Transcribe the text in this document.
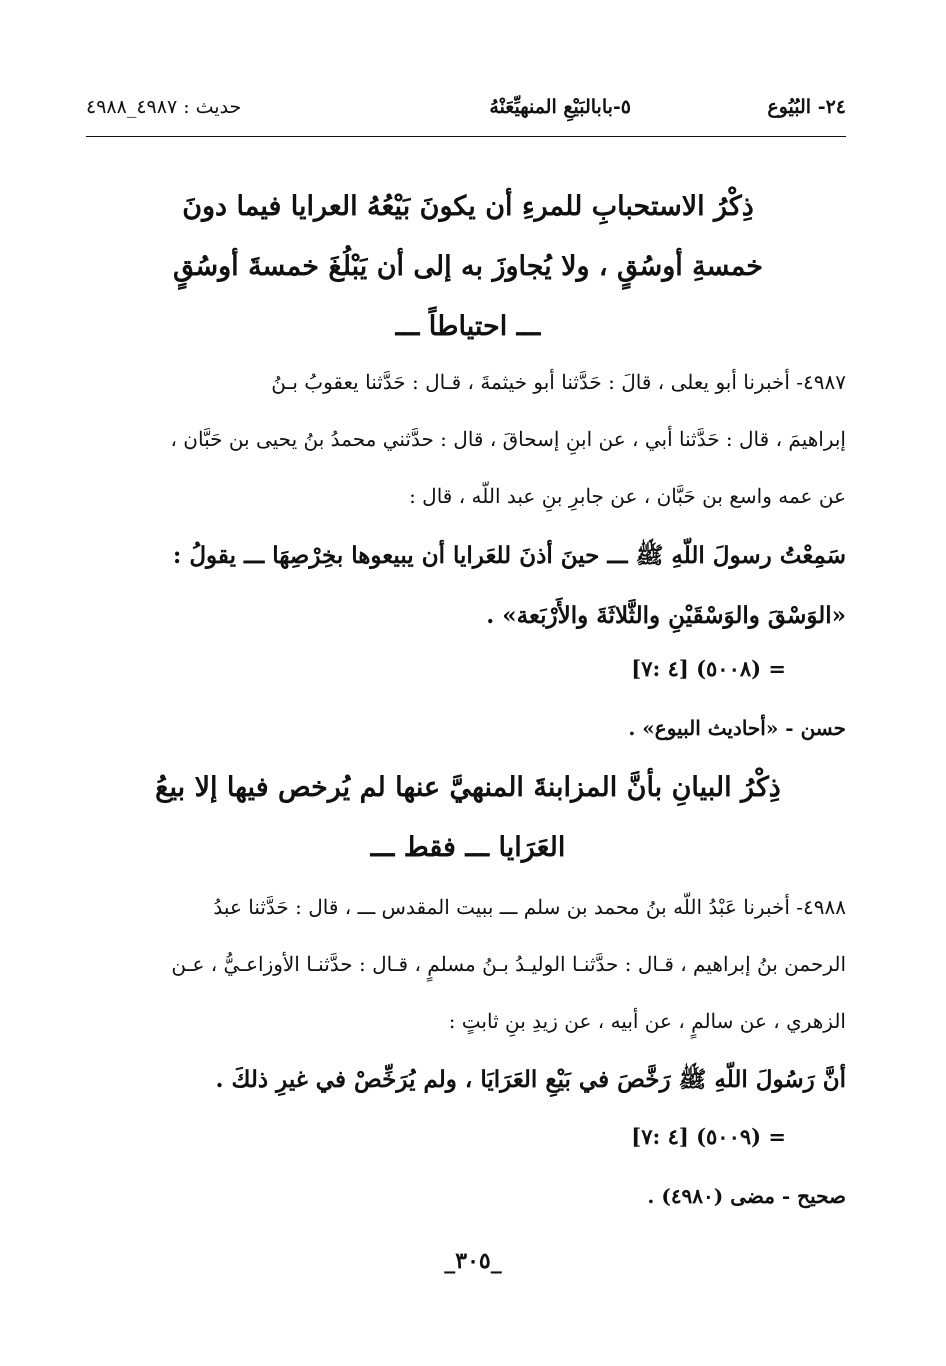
٢٤- البُيُوع
٥-بابالبَيْعِ المنهيِّعَنْهُ
حديث : ٤٩٨٧_٤٩٨٨
ذِكْرُ الاستحبابِ للمرءِ أن يكونَ بَيْعُهُ العرايا فيما دونَ
خمسةِ أوسُقٍ ، ولا يُجاوزَ به إلى أن يَبْلُغَ خمسةَ أوسُقٍ
ـــ احتياطاً ـــ

٤٩٨٧- أخبرنا أبو يعلى ، قالَ : حَدَّثنا أبو خيثمةَ ، قـال : حَدَّثنا يعقوبُ بـنُ

إبراهيمَ ، قال : حَدَّثنا أبي ، عن ابنِ إسحاقَ ، قال : حدَّثني محمدُ بنُ يحيى بن حَبَّان ،

عن عمه واسع بن حَبَّان ، عن جابرِ بنِ عبد اللّه ، قال :

سَمِعْتُ رسولَ اللّهِ ﷺ ـــ حينَ أذنَ للعَرايا أن يبيعوها بخِرْصِهَا ـــ يقولُ :

«الوَسْقَ والوَسْقَيْنِ والثَّلاثَةَ والأَرْبَعة» .

= (٥٠٠٨) [٤ :٧]
حسن - «أحاديث البيوع» .
ذِكْرُ البيانِ بأنَّ المزابنةَ المنهيَّ عنها لم يُرخص فيها إلا بيعُ
العَرَايا ـــ فقط ـــ

٤٩٨٨- أخبرنا عَبْدُ اللّه بنُ محمد بن سلم ـــ ببيت المقدس ـــ ، قال : حَدَّثنا عبدُ

الرحمن بنُ إبراهيم ، قـال : حدَّثنـا الوليـدُ بـنُ مسلمٍ ، قـال : حدَّثنـا الأوزاعـيُّ ، عـن

الزهري ، عن سالمٍ ، عن أبيه ، عن زيدِ بنِ ثابتٍ :

أنَّ رَسُولَ اللّهِ ﷺ رَخَّصَ في بَيْعِ العَرَايَا ، ولم يُرَخِّصْ في غيرِ ذلكَ .

= (٥٠٠٩) [٤ :٧]
صحيح - مضى (٤٩٨٠) .
_٣٠٥_
